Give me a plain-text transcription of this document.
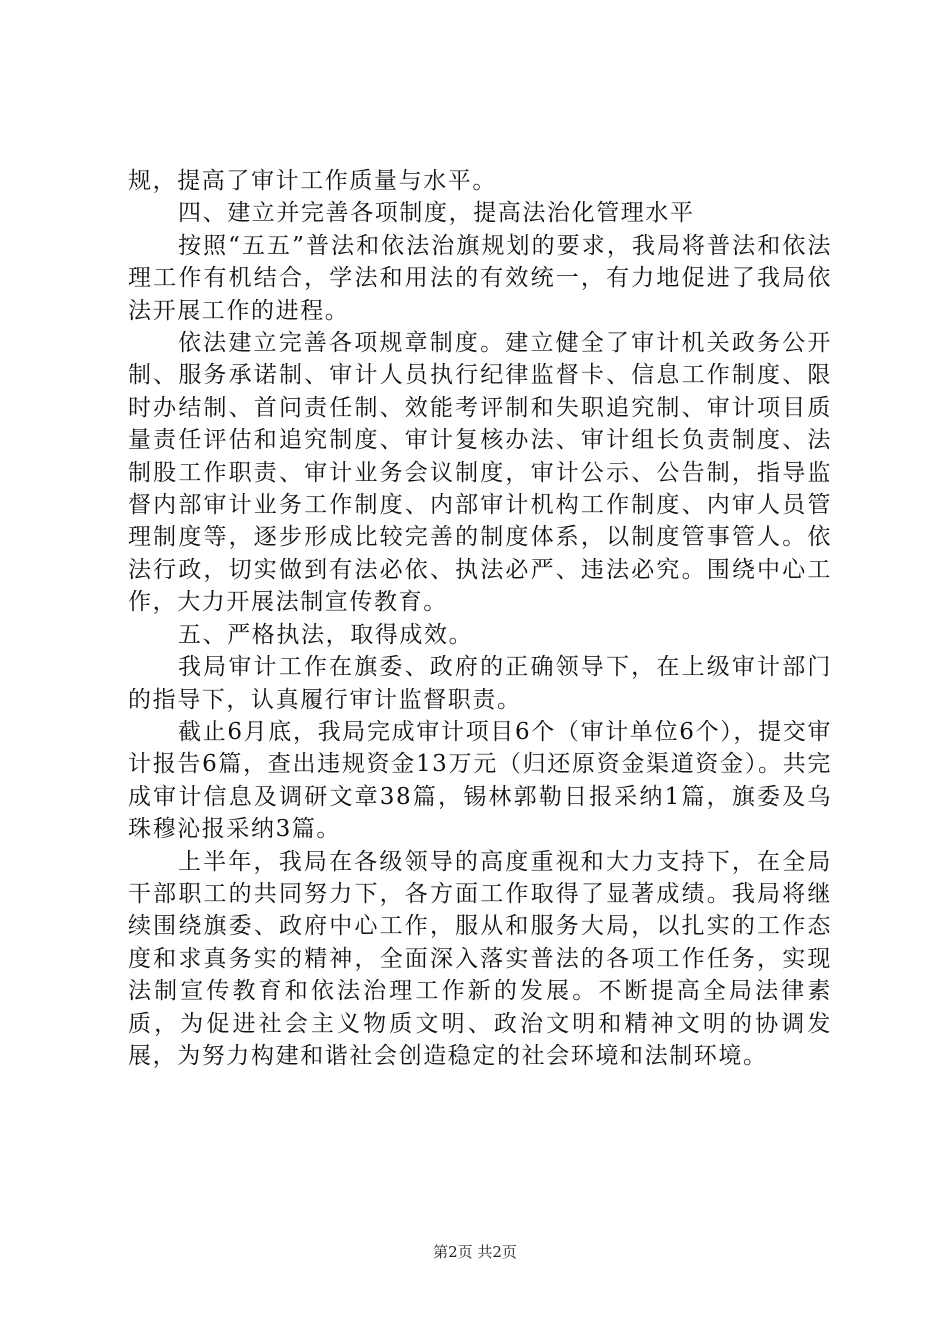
规，提高了审计工作质量与水平。

四、建立并完善各项制度，提高法治化管理水平

按照“五五”普法和依法治旗规划的要求，我局将普法和依法理工作有机结合，学法和用法的有效统一，有力地促进了我局依法开展工作的进程。

依法建立完善各项规章制度。建立健全了审计机关政务公开制、服务承诺制、审计人员执行纪律监督卡、信息工作制度、限时办结制、首问责任制、效能考评制和失职追究制、审计项目质量责任评估和追究制度、审计复核办法、审计组长负责制度、法制股工作职责、审计业务会议制度，审计公示、公告制，指导监督内部审计业务工作制度、内部审计机构工作制度、内审人员管理制度等，逐步形成比较完善的制度体系，以制度管事管人。依法行政，切实做到有法必依、执法必严、违法必究。围绕中心工作，大力开展法制宣传教育。

五、严格执法，取得成效。

我局审计工作在旗委、政府的正确领导下，在上级审计部门的指导下，认真履行审计监督职责。

截止6月底，我局完成审计项目6个（审计单位6个），提交审计报告6篇，查出违规资金13万元（归还原资金渠道资金）。共完成审计信息及调研文章38篇，锡林郭勒日报采纳1篇，旗委及乌珠穆沁报采纳3篇。

上半年，我局在各级领导的高度重视和大力支持下，在全局干部职工的共同努力下，各方面工作取得了显著成绩。我局将继续围绕旗委、政府中心工作，服从和服务大局，以扎实的工作态度和求真务实的精神，全面深入落实普法的各项工作任务，实现法制宣传教育和依法治理工作新的发展。不断提高全局法律素质，为促进社会主义物质文明、政治文明和精神文明的协调发展，为努力构建和谐社会创造稳定的社会环境和法制环境。

第2页 共2页
